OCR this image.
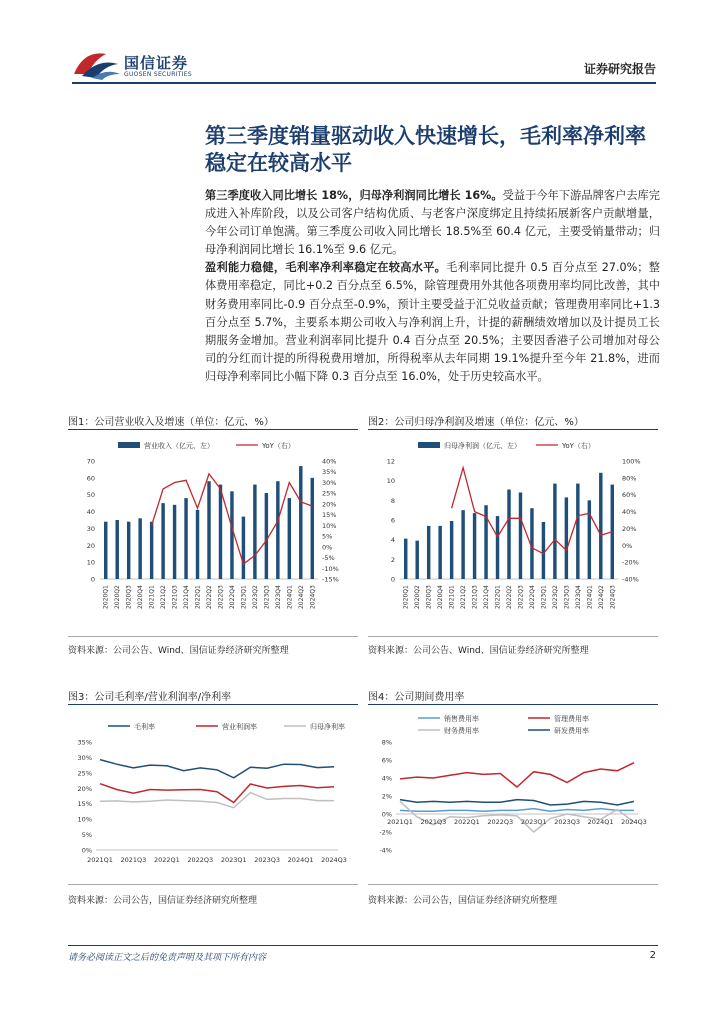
国信证券
GUOSEN SECURITIES	证券研究报告
第三季度销量驱动收入快速增长，毛利率净利率稳定在较高水平

第三季度收入同比增长 18%，归母净利润同比增长 16%。受益于今年下游品牌客户去库完成进入补库阶段，以及公司客户结构优质、与老客户深度绑定且持续拓展新客户贡献增量，今年公司订单饱满。第三季度公司收入同比增长 18.5%至 60.4 亿元，主要受销量带动；归母净利润同比增长 16.1%至 9.6 亿元。

盈利能力稳健，毛利率净利率稳定在较高水平。毛利率同比提升 0.5 百分点至 27.0%；整体费用率稳定，同比+0.2 百分点至 6.5%，除管理费用外其他各项费用率均同比改善，其中财务费用率同比-0.9 百分点至-0.9%，预计主要受益于汇兑收益贡献；管理费用率同比+1.3 百分点至 5.7%，主要系本期公司收入与净利润上升，计提的薪酬绩效增加以及计提员工长期服务金增加。营业利润率同比提升 0.4 百分点至 20.5%；主要因香港子公司增加对母公司的分红而计提的所得税费用增加，所得税率从去年同期 19.1%提升至今年 21.8%，进而归母净利率同比小幅下降 0.3 百分点至 16.0%，处于历史较高水平。

图1：公司营业收入及增速（单位：亿元、%）
营业收入（亿元、左）	YoY（右）
0
10
20
30
40
50
60
70
-15%
-10%
-5%
0%
5%
10%
15%
20%
25%
30%
35%
40%
2020Q1 2020Q2 2020Q3 2020Q4 2021Q1 2021Q2 2021Q3 2021Q4 2022Q1 2022Q2 2022Q3 2022Q4 2023Q1 2023Q2 2023Q3 2023Q4 2024Q1 2024Q2 2024Q3
资料来源：公司公告、Wind、国信证券经济研究所整理
图2：公司归母净利润及增速（单位：亿元、%）
归母净利润（亿元、左）	YoY（右）
0
2
4
6
8
10
12
-40%
-20%
0%
20%
40%
60%
80%
100%
2020Q1 2020Q2 2020Q3 2020Q4 2021Q1 2021Q2 2021Q3 2021Q4 2022Q1 2022Q2 2022Q3 2022Q4 2023Q1 2023Q2 2023Q3 2023Q4 2024Q1 2024Q2 2024Q3
资料来源：公司公告、Wind、国信证券经济研究所整理
图3：公司毛利率/营业利润率/净利率
毛利率	营业利润率	归母净利率
0%
5%
10%
15%
20%
25%
30%
35%
2021Q1 2021Q3 2022Q1 2022Q3 2023Q1 2023Q3 2024Q1 2024Q3
资料来源：公司公告，国信证券经济研究所整理
图4：公司期间费用率
销售费用率	管理费用率
财务费用率	研发费用率
-4%
-2%
0%
2%
4%
6%
8%
2021Q1 2021Q3 2022Q1 2022Q3 2023Q1 2023Q3 2024Q1 2024Q3
资料来源：公司公告，国信证券经济研究所整理
请务必阅读正文之后的免责声明及其项下所有内容	2
